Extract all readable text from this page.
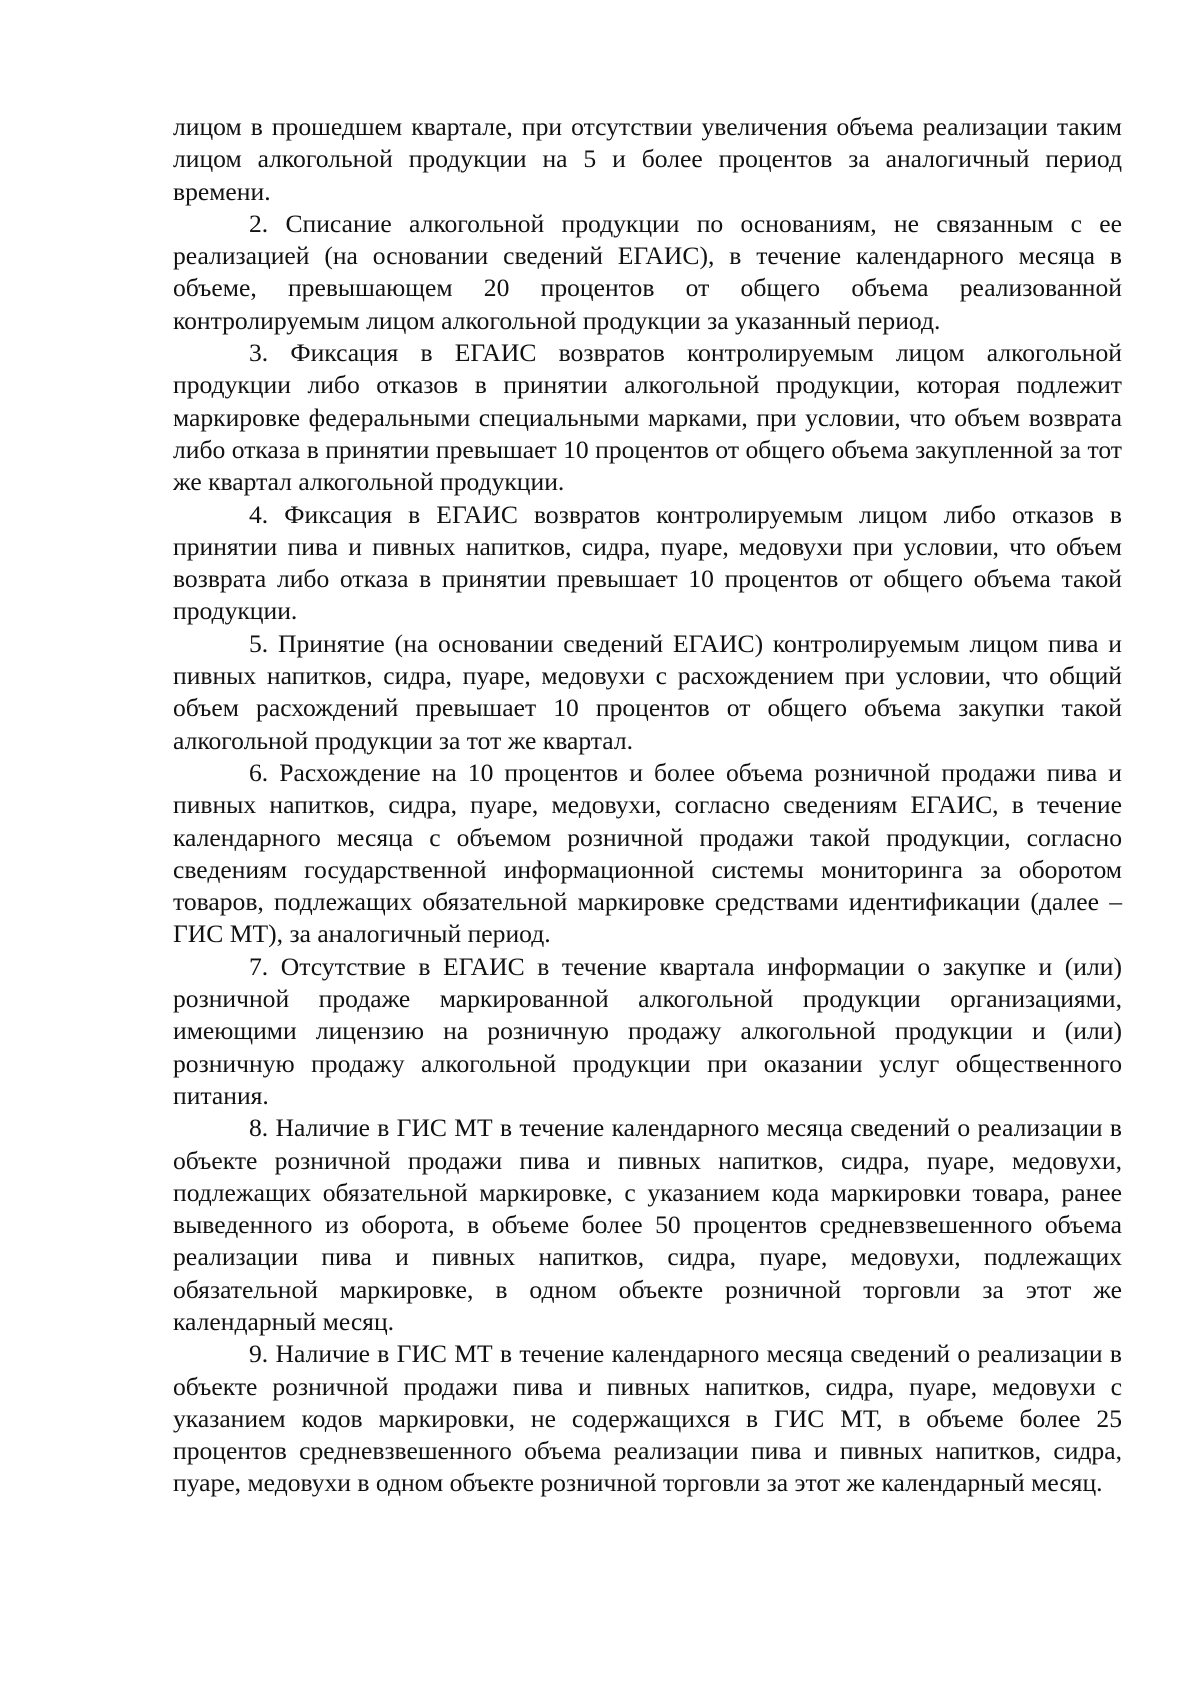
лицом в прошедшем квартале, при отсутствии увеличения объема реализации таким лицом алкогольной продукции на 5 и более процентов за аналогичный период времени.

2. Списание алкогольной продукции по основаниям, не связанным с ее реализацией (на основании сведений ЕГАИС), в течение календарного месяца в объеме, превышающем 20 процентов от общего объема реализованной контролируемым лицом алкогольной продукции за указанный период.

3. Фиксация в ЕГАИС возвратов контролируемым лицом алкогольной продукции либо отказов в принятии алкогольной продукции, которая подлежит маркировке федеральными специальными марками, при условии, что объем возврата либо отказа в принятии превышает 10 процентов от общего объема закупленной за тот же квартал алкогольной продукции.

4. Фиксация в ЕГАИС возвратов контролируемым лицом либо отказов в принятии пива и пивных напитков, сидра, пуаре, медовухи при условии, что объем возврата либо отказа в принятии превышает 10 процентов от общего объема такой продукции.

5. Принятие (на основании сведений ЕГАИС) контролируемым лицом пива и пивных напитков, сидра, пуаре, медовухи с расхождением при условии, что общий объем расхождений превышает 10 процентов от общего объема закупки такой алкогольной продукции за тот же квартал.

6. Расхождение на 10 процентов и более объема розничной продажи пива и пивных напитков, сидра, пуаре, медовухи, согласно сведениям ЕГАИС, в течение календарного месяца с объемом розничной продажи такой продукции, согласно сведениям государственной информационной системы мониторинга за оборотом товаров, подлежащих обязательной маркировке средствами идентификации (далее – ГИС МТ), за аналогичный период.

7. Отсутствие в ЕГАИС в течение квартала информации о закупке и (или) розничной продаже маркированной алкогольной продукции организациями, имеющими лицензию на розничную продажу алкогольной продукции и (или) розничную продажу алкогольной продукции при оказании услуг общественного питания.

8. Наличие в ГИС МТ в течение календарного месяца сведений о реализации в объекте розничной продажи пива и пивных напитков, сидра, пуаре, медовухи, подлежащих обязательной маркировке, с указанием кода маркировки товара, ранее выведенного из оборота, в объеме более 50 процентов средневзвешенного объема реализации пива и пивных напитков, сидра, пуаре, медовухи, подлежащих обязательной маркировке, в одном объекте розничной торговли за этот же календарный месяц.

9. Наличие в ГИС МТ в течение календарного месяца сведений о реализации в объекте розничной продажи пива и пивных напитков, сидра, пуаре, медовухи с указанием кодов маркировки, не содержащихся в ГИС МТ, в объеме более 25 процентов средневзвешенного объема реализации пива и пивных напитков, сидра, пуаре, медовухи в одном объекте розничной торговли за этот же календарный месяц.
